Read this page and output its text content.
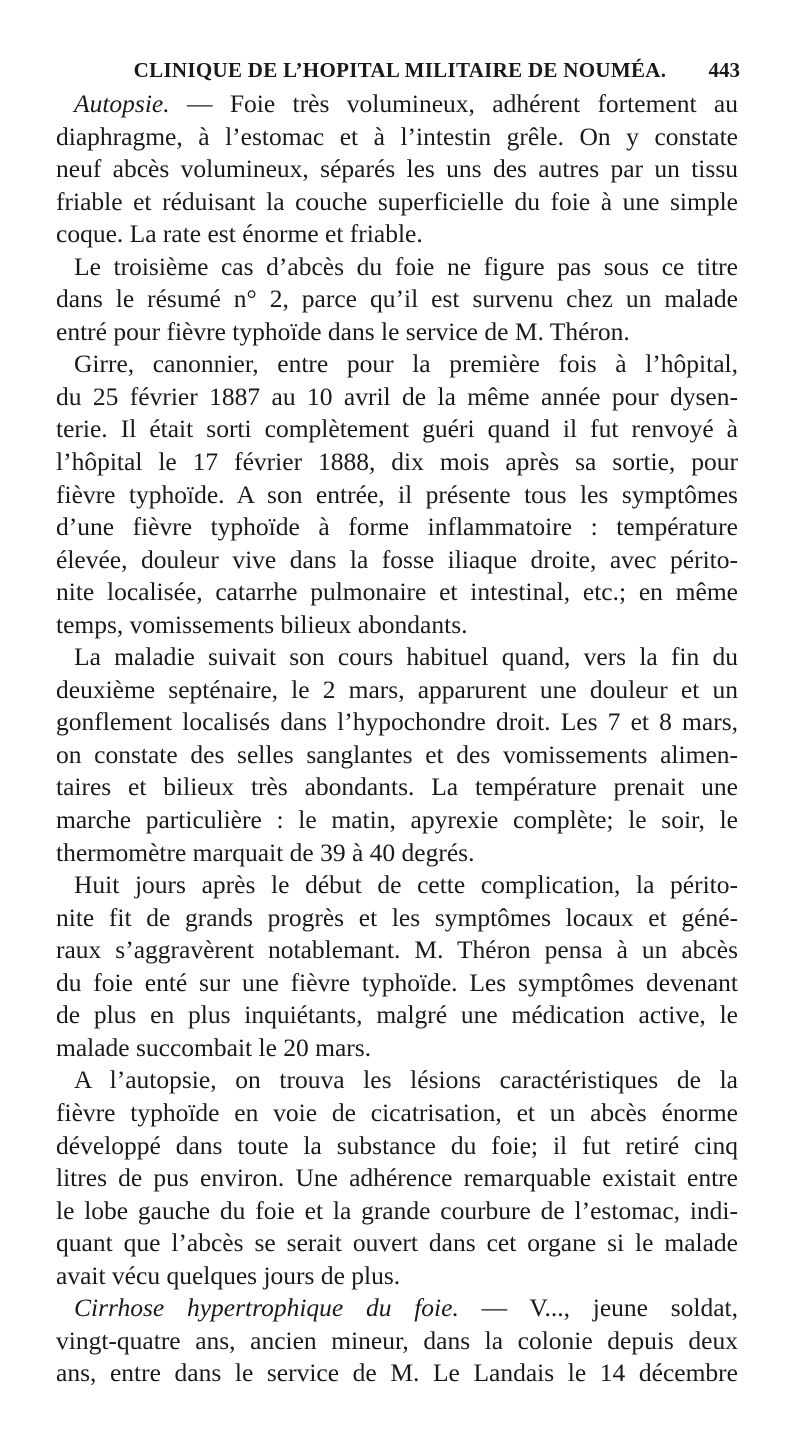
CLINIQUE DE L’HOPITAL MILITAIRE DE NOUMÉA.	443
Autopsie. — Foie très volumineux, adhérent fortement au
diaphragme, à l’estomac et à l’intestin grêle. On y constate
neuf abcès volumineux, séparés les uns des autres par un tissu
friable et réduisant la couche superficielle du foie à une simple
coque. La rate est énorme et friable.
Le troisième cas d’abcès du foie ne figure pas sous ce titre
dans le résumé n° 2, parce qu’il est survenu chez un malade
entré pour fièvre typhoïde dans le service de M. Théron.
Girre, canonnier, entre pour la première fois à l’hôpital,
du 25 février 1887 au 10 avril de la même année pour dysen-
terie. Il était sorti complètement guéri quand il fut renvoyé à
l’hôpital le 17 février 1888, dix mois après sa sortie, pour
fièvre typhoïde. A son entrée, il présente tous les symptômes
d’une fièvre typhoïde à forme inflammatoire : température
élevée, douleur vive dans la fosse iliaque droite, avec périto-
nite localisée, catarrhe pulmonaire et intestinal, etc.; en même
temps, vomissements bilieux abondants.
La maladie suivait son cours habituel quand, vers la fin du
deuxième septénaire, le 2 mars, apparurent une douleur et un
gonflement localisés dans l’hypochondre droit. Les 7 et 8 mars,
on constate des selles sanglantes et des vomissements alimen-
taires et bilieux très abondants. La température prenait une
marche particulière : le matin, apyrexie complète; le soir, le
thermomètre marquait de 39 à 40 degrés.
Huit jours après le début de cette complication, la périto-
nite fit de grands progrès et les symptômes locaux et géné-
raux s’aggravèrent notablemant. M. Théron pensa à un abcès
du foie enté sur une fièvre typhoïde. Les symptômes devenant
de plus en plus inquiétants, malgré une médication active, le
malade succombait le 20 mars.
A l’autopsie, on trouva les lésions caractéristiques de la
fièvre typhoïde en voie de cicatrisation, et un abcès énorme
développé dans toute la substance du foie; il fut retiré cinq
litres de pus environ. Une adhérence remarquable existait entre
le lobe gauche du foie et la grande courbure de l’estomac, indi-
quant que l’abcès se serait ouvert dans cet organe si le malade
avait vécu quelques jours de plus.
Cirrhose hypertrophique du foie. — V..., jeune soldat,
vingt-quatre ans, ancien mineur, dans la colonie depuis deux
ans, entre dans le service de M. Le Landais le 14 décembre
